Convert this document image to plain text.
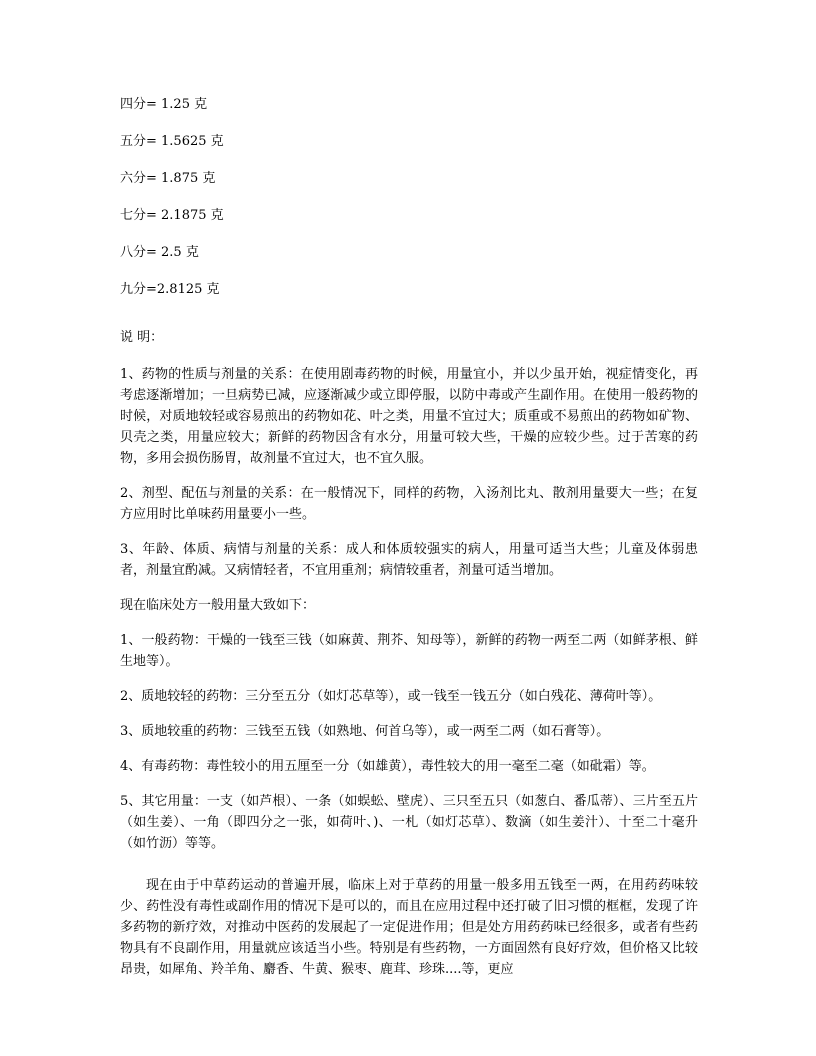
四分= 1.25 克
五分= 1.5625 克
六分= 1.875 克
七分= 2.1875 克
八分= 2.5 克
九分=2.8125 克

说 明：

1、药物的性质与剂量的关系：在使用剧毒药物的时候，用量宜小，并以少虽开始，视症情变化，再考虑逐渐增加；一旦病势已减，应逐渐减少或立即停服，以防中毒或产生副作用。在使用一般药物的时候，对质地较轻或容易煎出的药物如花、叶之类，用量不宜过大；质重或不易煎出的药物如矿物、贝壳之类，用量应较大；新鲜的药物因含有水分，用量可较大些，干燥的应较少些。过于苦寒的药物，多用会损伤肠胃，故剂量不宜过大，也不宜久服。

2、剂型、配伍与剂量的关系：在一般情况下，同样的药物，入汤剂比丸、散剂用量要大一些；在复方应用时比单味药用量要小一些。

3、年龄、体质、病情与剂量的关系：成人和体质较强实的病人，用量可适当大些；儿童及体弱患者，剂量宜酌减。又病情轻者，不宜用重剂；病情较重者，剂量可适当增加。

现在临床处方一般用量大致如下：

1、一般药物：干燥的一钱至三钱（如麻黄、荆芥、知母等），新鲜的药物一两至二两（如鲜茅根、鲜生地等）。

2、质地较轻的药物：三分至五分（如灯芯草等），或一钱至一钱五分（如白残花、薄荷叶等）。

3、质地较重的药物：三钱至五钱（如熟地、何首乌等），或一两至二两（如石膏等）。

4、有毒药物：毒性较小的用五厘至一分（如雄黄），毒性较大的用一毫至二毫（如砒霜）等。

5、其它用量：一支（如芦根）、一条（如蜈蚣、壁虎）、三只至五只（如葱白、番瓜蒂）、三片至五片（如生姜）、一角（即四分之一张，如荷叶、)、一札（如灯芯草）、数滴（如生姜汁）、十至二十毫升（如竹沥）等等。

现在由于中草药运动的普遍开展，临床上对于草药的用量一般多用五钱至一两，在用药药味较少、药性没有毒性或副作用的情况下是可以的，而且在应用过程中还打破了旧习惯的框框，发现了许多药物的新疗效，对推动中医药的发展起了一定促进作用；但是处方用药药味已经很多，或者有些药物具有不良副作用，用量就应该适当小些。特别是有些药物，一方面固然有良好疗效，但价格又比较昂贵，如犀角、羚羊角、麝香、牛黄、猴枣、鹿茸、珍珠....等，更应
